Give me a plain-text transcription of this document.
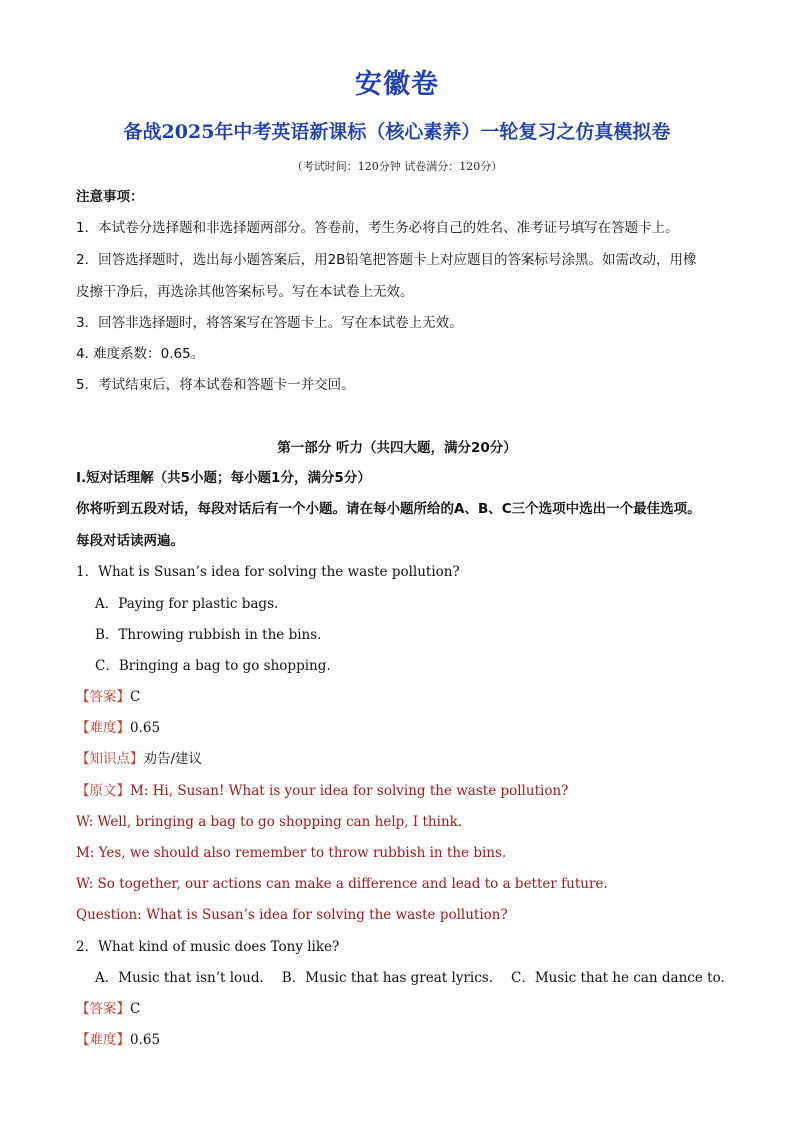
安徽卷
备战2025年中考英语新课标（核心素养）一轮复习之仿真模拟卷
（考试时间：120分钟 试卷满分：120分）
注意事项：
1．本试卷分选择题和非选择题两部分。答卷前，考生务必将自己的姓名、准考证号填写在答题卡上。
2．回答选择题时，选出每小题答案后，用2B铅笔把答题卡上对应题目的答案标号涂黑。如需改动，用橡
皮擦干净后，再选涂其他答案标号。写在本试卷上无效。
3．回答非选择题时，将答案写在答题卡上。写在本试卷上无效。
4. 难度系数：0.65。
5．考试结束后，将本试卷和答题卡一并交回。
第一部分 听力（共四大题，满分20分）
Ⅰ.短对话理解（共5小题；每小题1分，满分5分）
你将听到五段对话，每段对话后有一个小题。请在每小题所给的A、B、C三个选项中选出一个最佳选项。
每段对话读两遍。
1．What is Susan’s idea for solving the waste pollution?
A．Paying for plastic bags.
B．Throwing rubbish in the bins.
C．Bringing a bag to go shopping.
【答案】C
【难度】0.65
【知识点】劝告/建议
【原文】M: Hi, Susan! What is your idea for solving the waste pollution?
W: Well, bringing a bag to go shopping can help, I think.
M: Yes, we should also remember to throw rubbish in the bins.
W: So together, our actions can make a difference and lead to a better future.
Question: What is Susan’s idea for solving the waste pollution?
2．What kind of music does Tony like?
A．Music that isn’t loud. B．Music that has great lyrics. C．Music that he can dance to.
【答案】C
【难度】0.65
